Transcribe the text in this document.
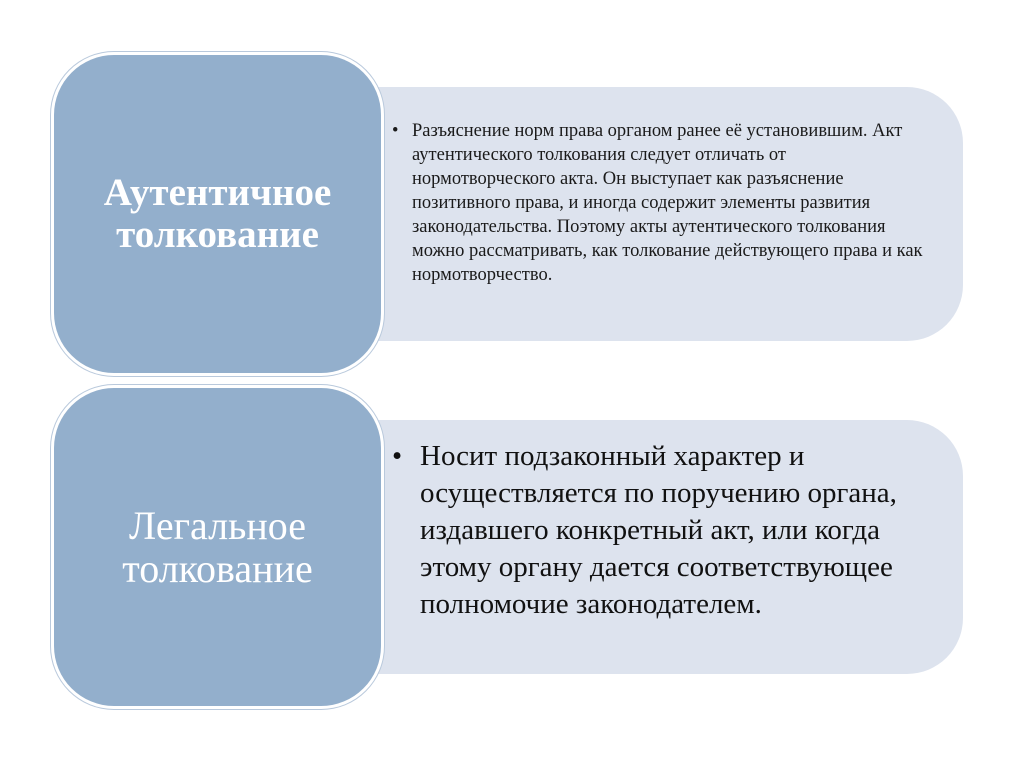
• Разъяснение норм права органом ранее её установившим. Акт аутентического толкования следует отличать от нормотворческого акта. Он выступает как разъяснение позитивного права, и иногда содержит элементы развития законодательства. Поэтому акты аутентического толкования можно рассматривать, как толкование действующего права и как нормотворчество.
Аутентичное толкование
• Носит подзаконный характер и осуществляется по поручению органа, издавшего конкретный акт, или когда этому органу дается соответствующее полномочие законодателем.
Легальное толкование
